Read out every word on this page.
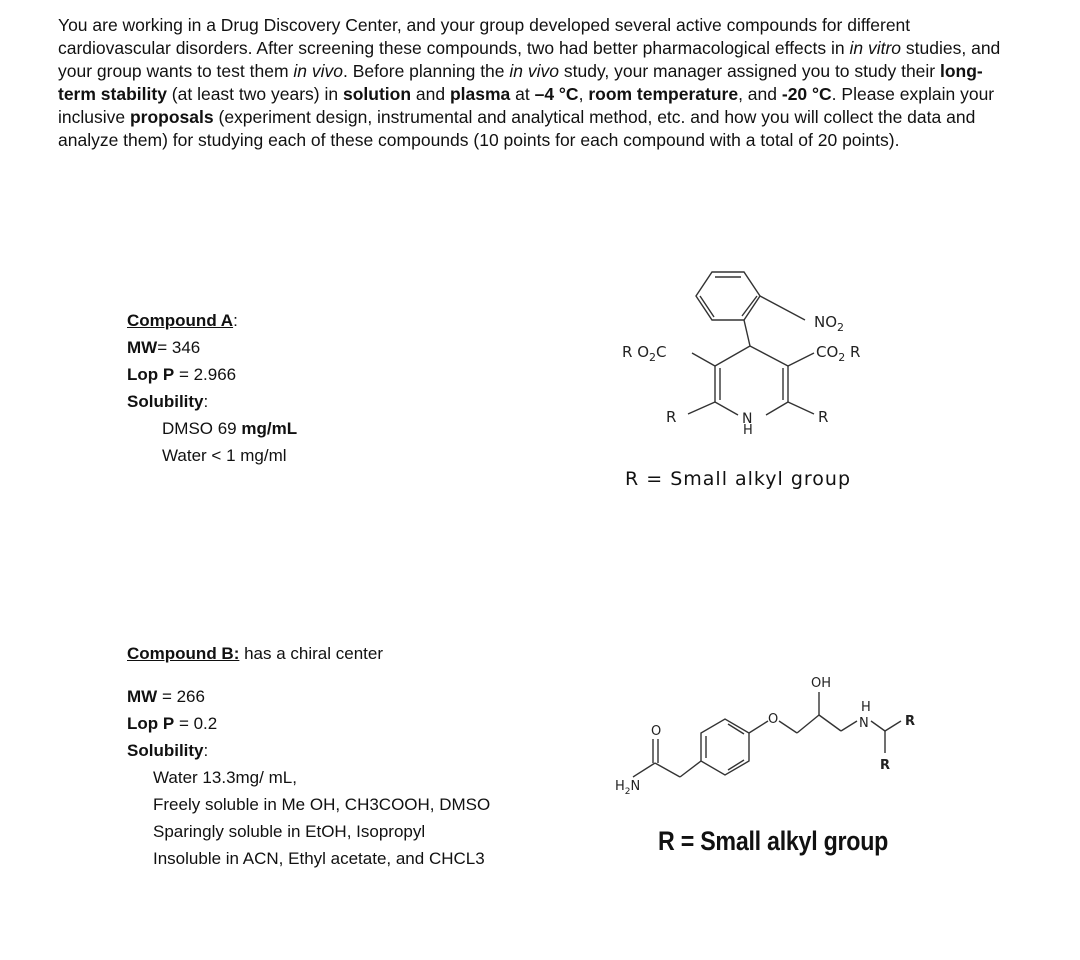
You are working in a Drug Discovery Center, and your group developed several active compounds for different cardiovascular disorders. After screening these compounds, two had better pharmacological effects in in vitro studies, and your group wants to test them in vivo. Before planning the in vivo study, your manager assigned you to study their long-term stability (at least two years) in solution and plasma at –4 °C, room temperature, and -20 °C. Please explain your inclusive proposals (experiment design, instrumental and analytical method, etc. and how you will collect the data and analyze them) for studying each of these compounds (10 points for each compound with a total of 20 points).

Compound A:
MW= 346
Lop P = 2.966
Solubility:
DMSO 69 mg/mL
Water < 1 mg/ml
$NO_2$
R $O_2C$	$CO_2$ R
R	R
N
H
R = Small alkyl group
Compound B: has a chiral center
MW = 266
Lop P = 0.2
Solubility:
Water 13.3mg/ mL,
Freely soluble in Me OH, CH3COOH, DMSO
Sparingly soluble in EtOH, Isopropyl
Insoluble in ACN, Ethyl acetate, and CHCL3
$H_2N$
O
O
OH
H
N	R
R
R = Small alkyl group
